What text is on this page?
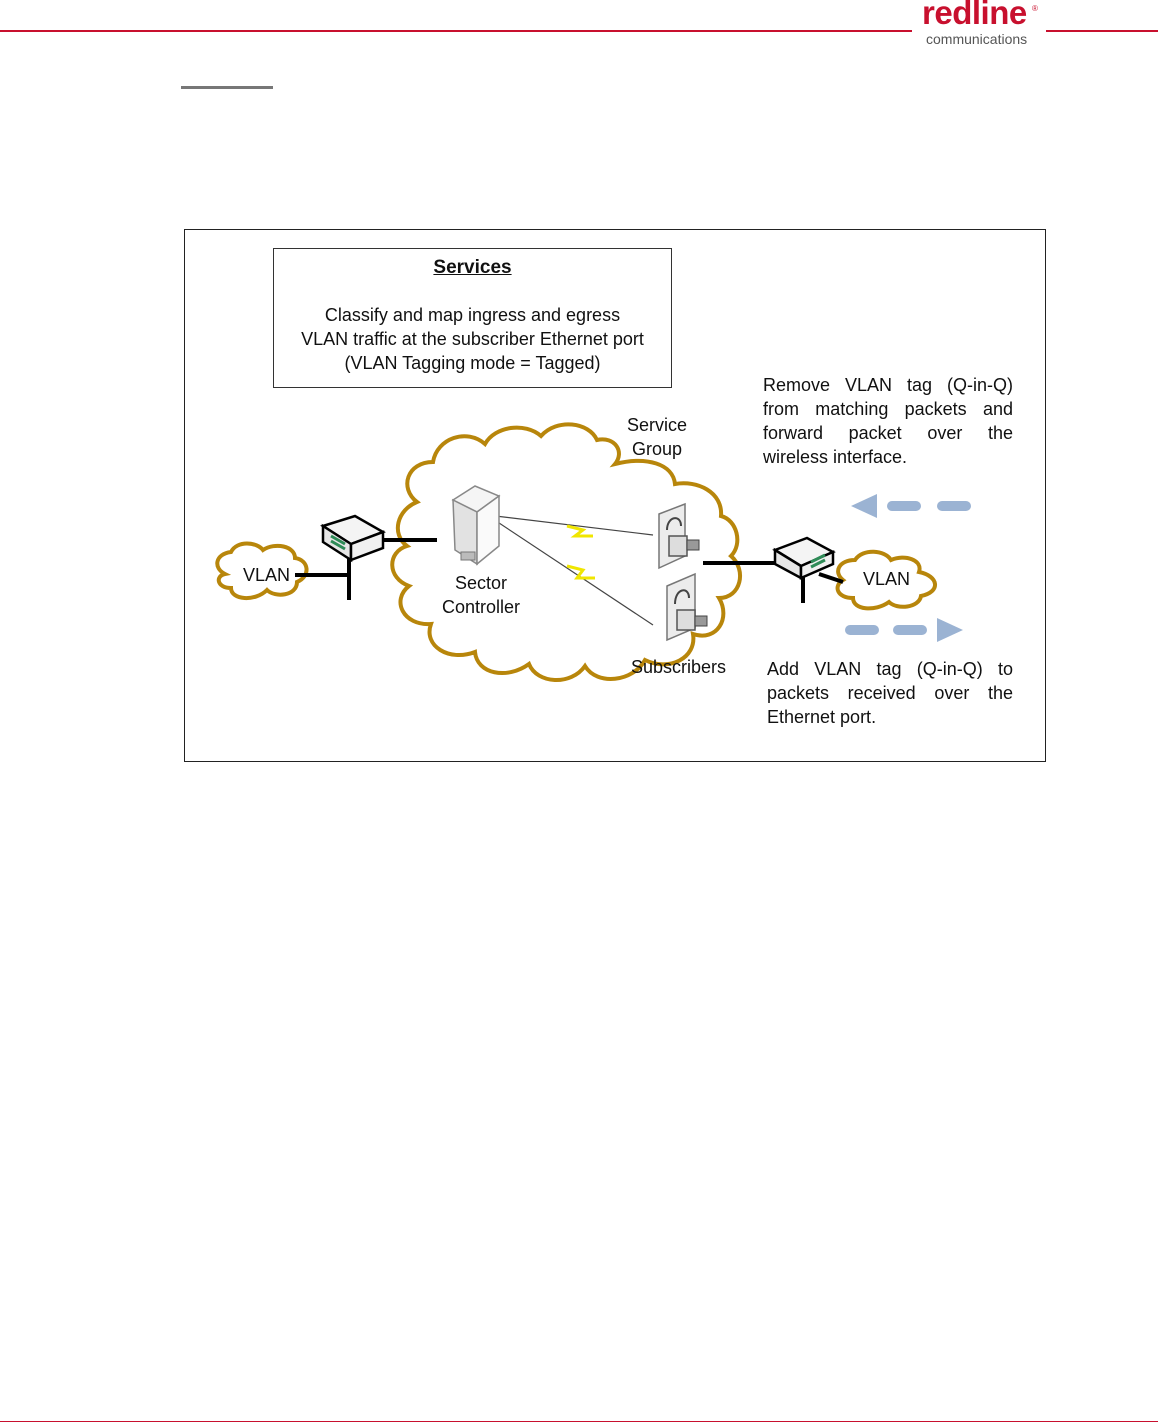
redline ®
communications
Services
Classify and map ingress and egress
VLAN traffic at the subscriber Ethernet port
(VLAN Tagging mode = Tagged)
Service
Group
Sector
Controller
Subscribers
VLAN	VLAN
Remove VLAN tag (Q-in-Q)
from matching packets and
forward packet over the
wireless interface.
Add VLAN tag (Q-in-Q) to
packets received over the
Ethernet port.
